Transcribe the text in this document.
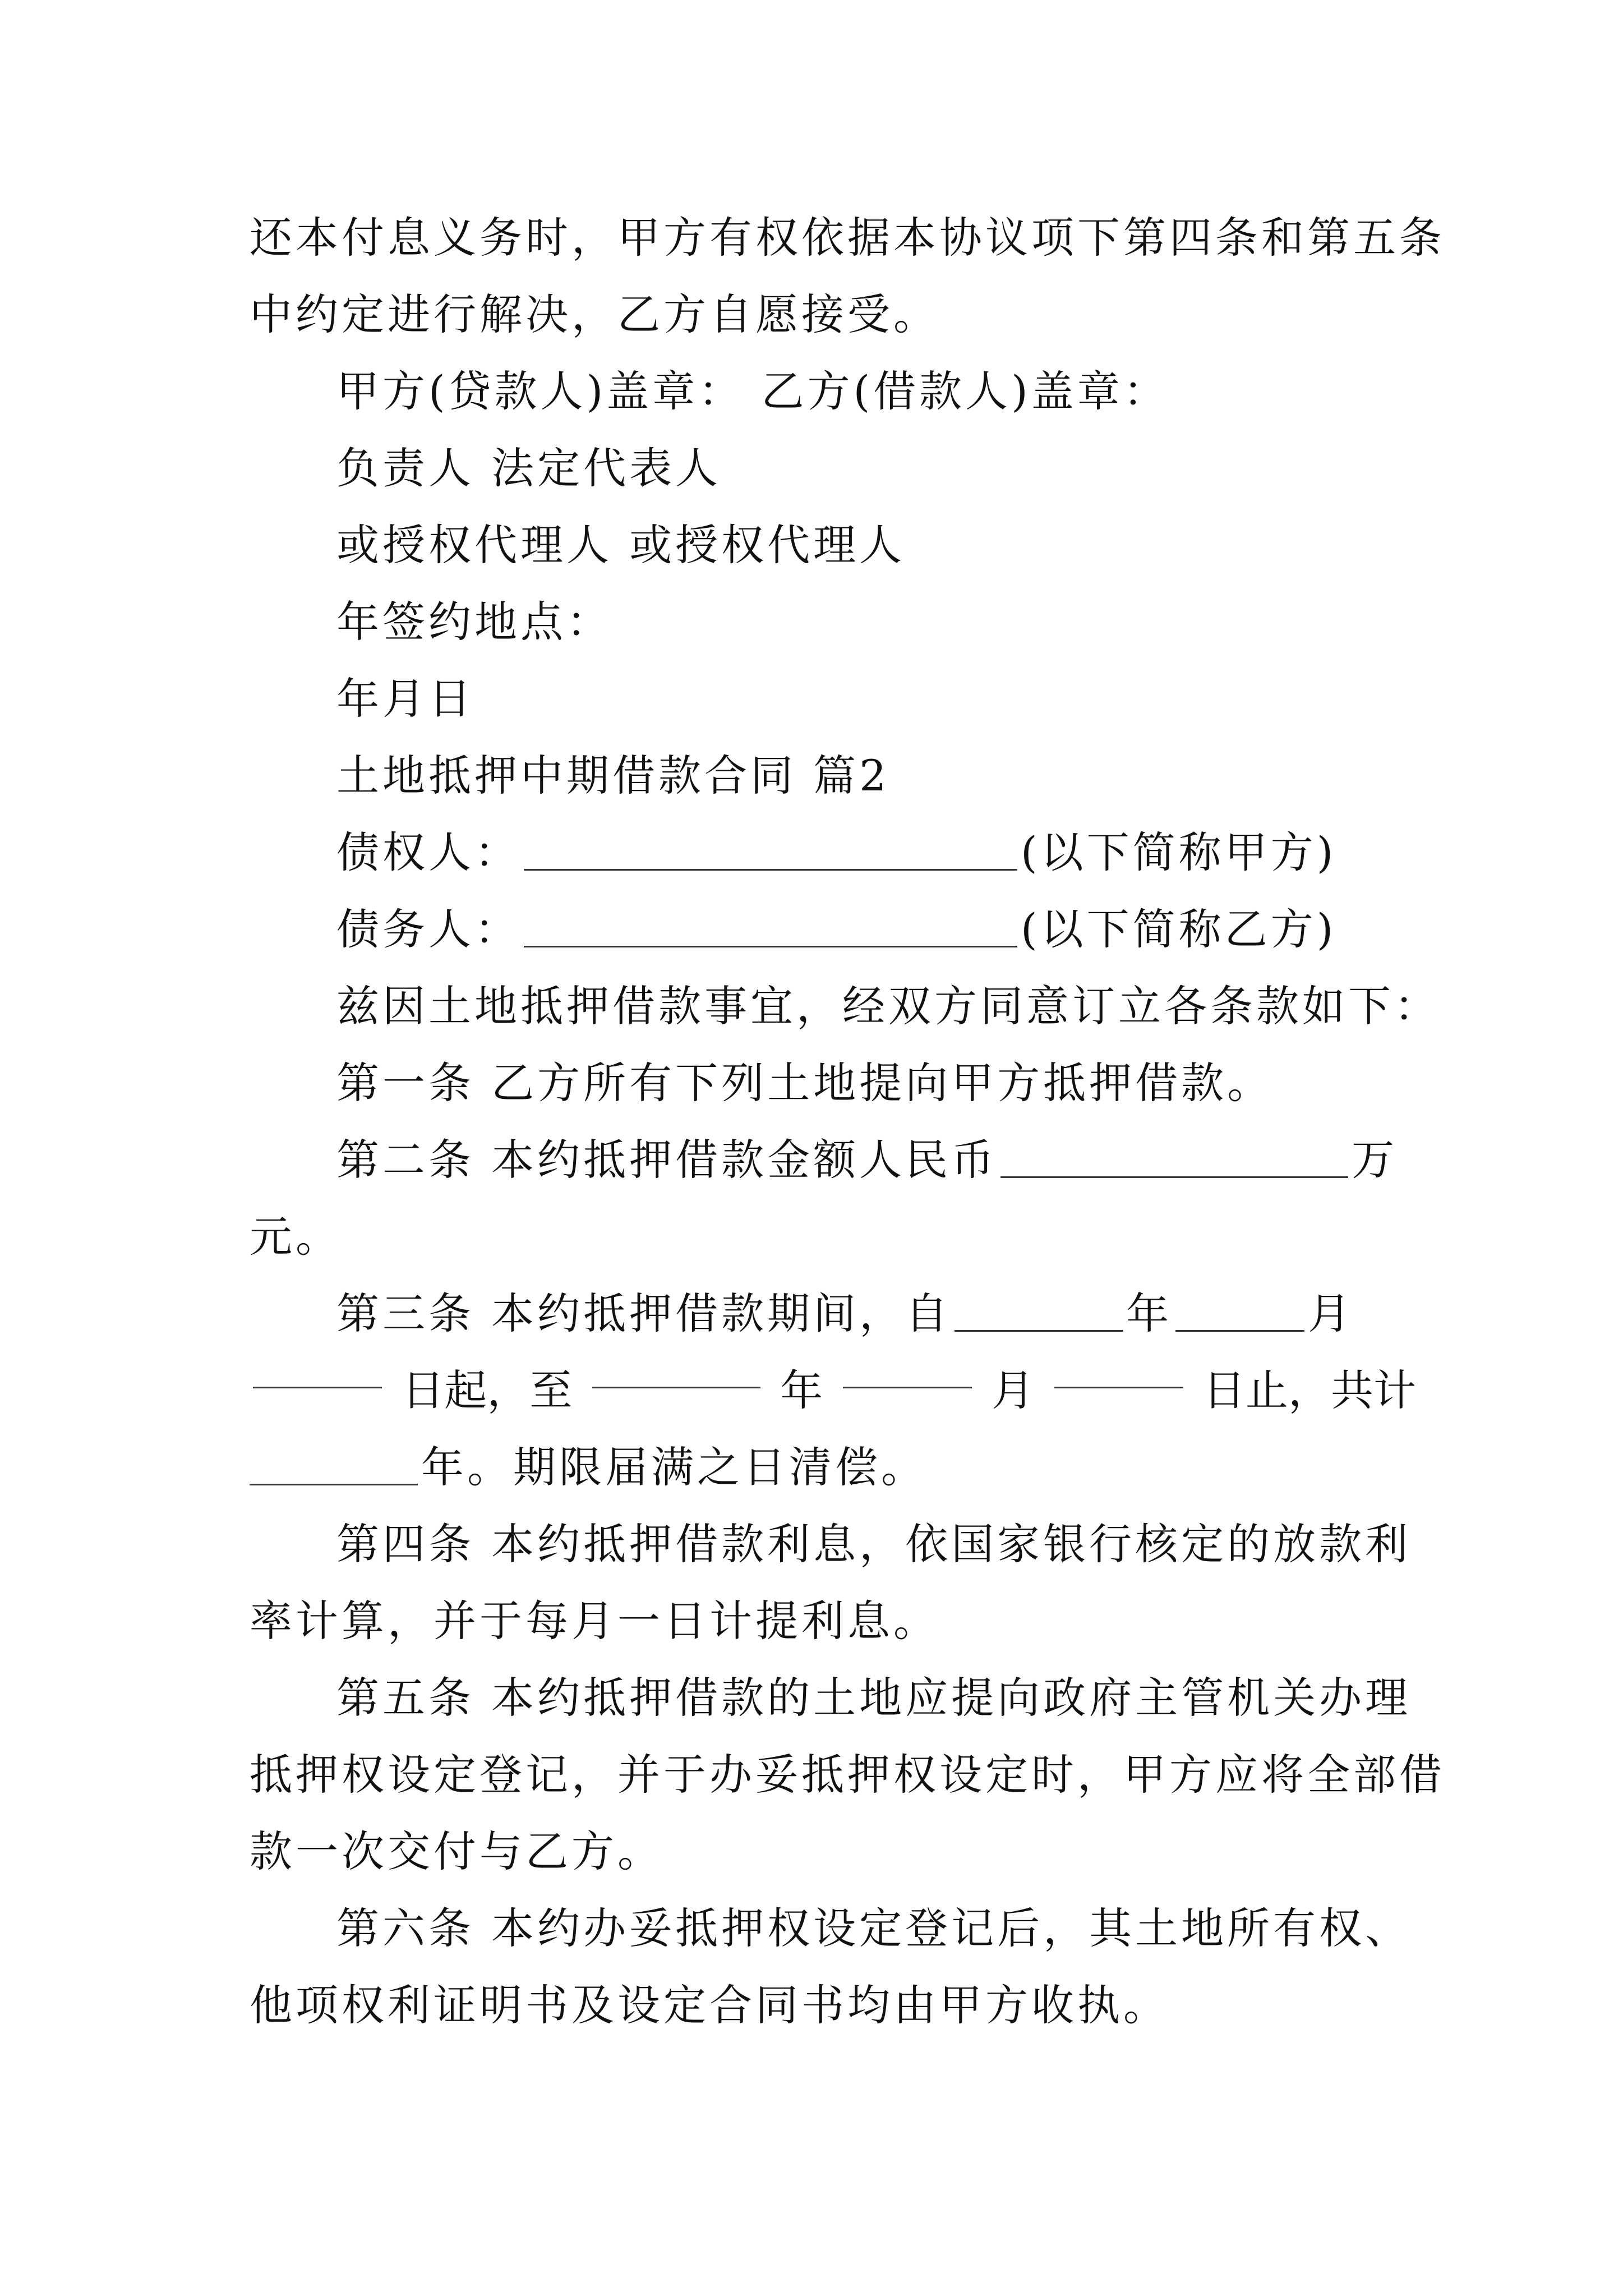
还本付息义务时，甲方有权依据本协议项下第四条和第五条
中约定进行解决，乙方自愿接受。
甲方(贷款人)盖章： 乙方(借款人)盖章：
负责人 法定代表人
或授权代理人 或授权代理人
年签约地点：
年月日
土地抵押中期借款合同 篇2
债权人：	(以下简称甲方)
债务人：	(以下简称乙方)
兹因土地抵押借款事宜，经双方同意订立各条款如下：
第一条 乙方所有下列土地提向甲方抵押借款。
第二条 本约抵押借款金额人民币	万
元。
第三条 本约抵押借款期间，自	年	月
日起，至	年	月	日止，共计
年。期限届满之日清偿。
第四条 本约抵押借款利息，依国家银行核定的放款利
率计算，并于每月一日计提利息。
第五条 本约抵押借款的土地应提向政府主管机关办理
抵押权设定登记，并于办妥抵押权设定时，甲方应将全部借
款一次交付与乙方。
第六条 本约办妥抵押权设定登记后，其土地所有权、
他项权利证明书及设定合同书均由甲方收执。
